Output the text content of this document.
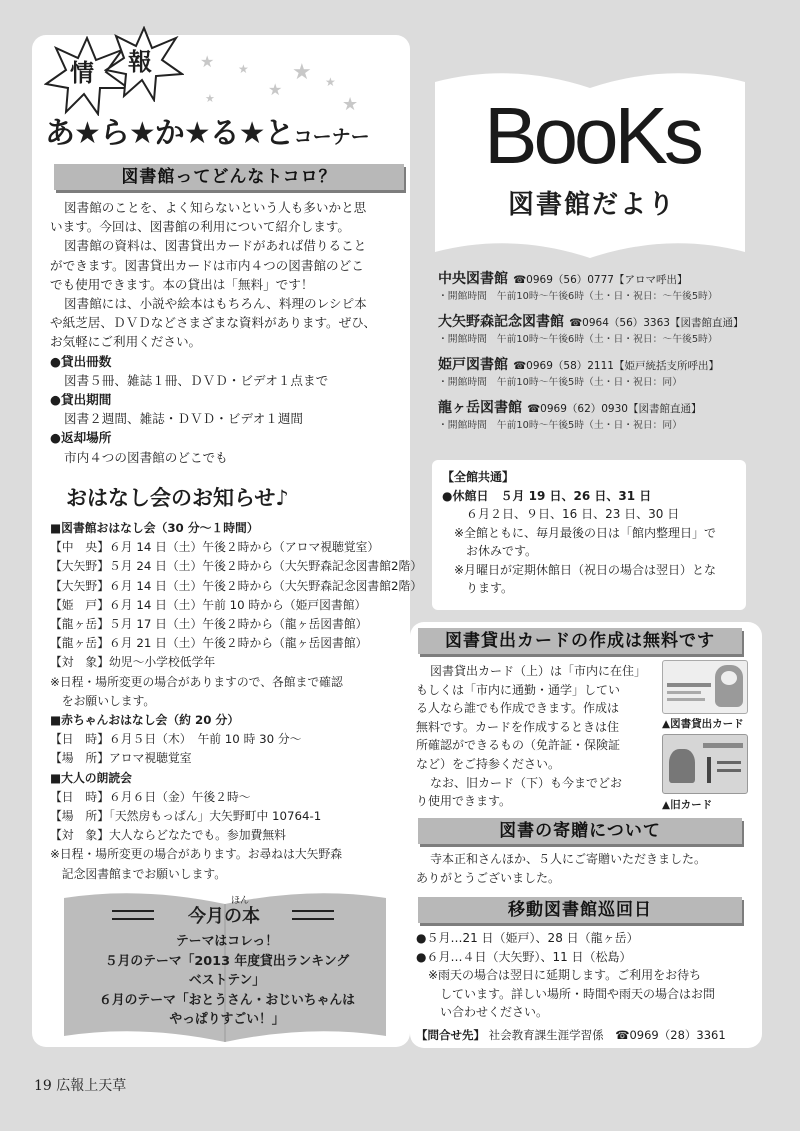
★ ★
★
★ ★
★
★
情 報
あ★ら★か★る★とコーナー
図書館ってどんなトコロ？
図書館のことを、よく知らないという人も多いかと思
います。今回は、図書館の利用について紹介します。
図書館の資料は、図書貸出カードがあれば借りること
ができます。図書貸出カードは市内４つの図書館のどこ
でも使用できます。本の貸出は「無料」です！
図書館には、小説や絵本はもちろん、料理のレシピ本
や紙芝居、ＤＶＤなどさまざまな資料があります。ぜひ、
お気軽にご利用ください。
●貸出冊数
図書５冊、雑誌１冊、ＤＶＤ・ビデオ１点まで
●貸出期間
図書２週間、雑誌・ＤＶＤ・ビデオ１週間
●返却場所
市内４つの図書館のどこでも
おはなし会のお知らせ♪
■図書館おはなし会（30 分～１時間）
【中　央】６月 14 日（土）午後２時から（アロマ視聴覚室）
【大矢野】５月 24 日（土）午後２時から（大矢野森記念図書館2階）
【大矢野】６月 14 日（土）午後２時から（大矢野森記念図書館2階）
【姫　戸】６月 14 日（土）午前 10 時から（姫戸図書館）
【龍ヶ岳】５月 17 日（土）午後２時から（龍ヶ岳図書館）
【龍ヶ岳】６月 21 日（土）午後２時から（龍ヶ岳図書館）
【対　象】幼児～小学校低学年
※日程・場所変更の場合がありますので、各館まで確認
　をお願いします。
■赤ちゃんおはなし会（約 20 分）
【日　時】６月５日（木）　午前 10 時 30 分～
【場　所】アロマ視聴覚室
■大人の朗読会
【日　時】６月６日（金）午後２時～
【場　所】「天然房もっぱん」大矢野町中 10764-1
【対　象】大人ならどなたでも。参加費無料
※日程・場所変更の場合があります。お尋ねは大矢野森
　記念図書館までお願いします。
ほん
今月の本
テーマはコレっ！
５月のテーマ「2013 年度貸出ランキング
ベストテン」
６月のテーマ「おとうさん・おじいちゃんは
やっぱりすごい！」
BooKs
図書館だより
中央図書館 ☎0969（56）0777【アロマ呼出】
・開館時間　午前10時～午後6時（土・日・祝日：～午後5時）
大矢野森記念図書館 ☎0964（56）3363【図書館直通】
・開館時間　午前10時～午後6時（土・日・祝日：～午後5時）
姫戸図書館 ☎0969（58）2111【姫戸統括支所呼出】
・開館時間　午前10時～午後5時（土・日・祝日：同）
龍ヶ岳図書館 ☎0969（62）0930【図書館直通】
・開館時間　午前10時～午後5時（土・日・祝日：同）
【全館共通】
●休館日　５月 19 日、26 日、31 日
　　６月２日、９日、16 日、23 日、30 日
　※全館ともに、毎月最後の日は「館内整理日」で
　　お休みです。
　※月曜日が定期休館日（祝日の場合は翌日）とな
　　ります。
図書貸出カードの作成は無料です
図書貸出カード（上）は「市内に在住」
もしくは「市内に通勤・通学」してい
る人なら誰でも作成できます。作成は
無料です。カードを作成するときは住
所確認ができるもの（免許証・保険証
など）をご持参ください。
なお、旧カード（下）も今までどお
り使用できます。
▲図書貸出カード
▲旧カード
図書の寄贈について
寺本正和さんほか、５人にご寄贈いただきました。
ありがとうございました。
移動図書館巡回日
●５月…21 日（姫戸）、28 日（龍ヶ岳）
●６月…４日（大矢野）、11 日（松島）
　※雨天の場合は翌日に延期します。ご利用をお待ち
　　しています。詳しい場所・時間や雨天の場合はお問
　　い合わせください。
【問合せ先】 社会教育課生涯学習係　☎0969（28）3361
19 広報上天草
